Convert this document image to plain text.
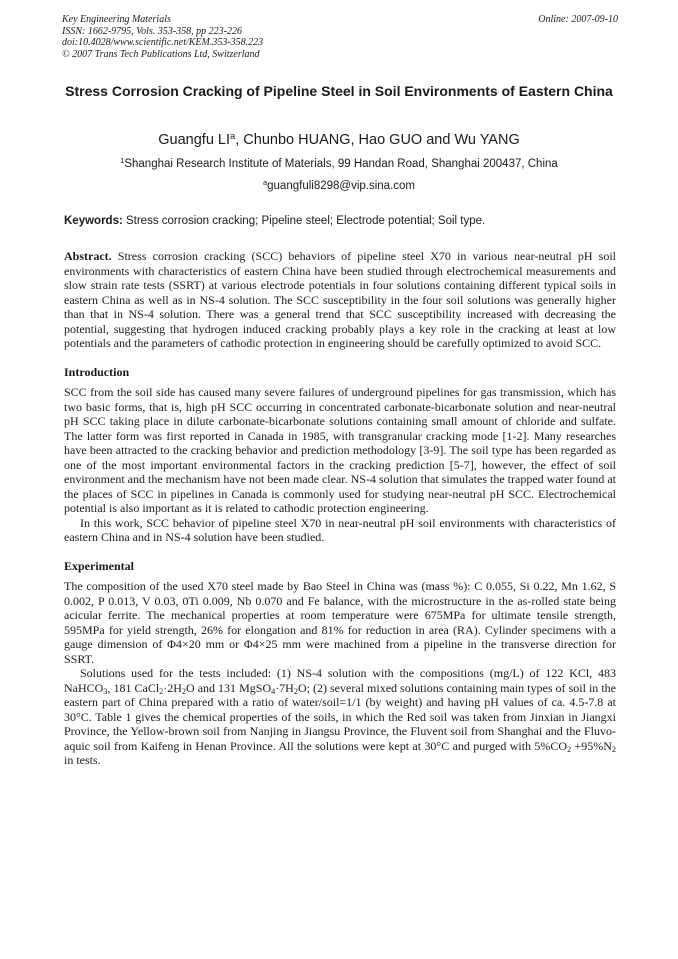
Key Engineering Materials
ISSN: 1662-9795, Vols. 353-358, pp 223-226
doi:10.4028/www.scientific.net/KEM.353-358.223
© 2007 Trans Tech Publications Ltd, Switzerland
Online: 2007-09-10
Stress Corrosion Cracking of Pipeline Steel in Soil Environments of Eastern China
Guangfu $LI^a$, Chunbo HUANG, Hao GUO and Wu YANG
$^1$Shanghai Research Institute of Materials, 99 Handan Road, Shanghai 200437, China
$^a$guangfuli8298@vip.sina.com
Keywords: Stress corrosion cracking; Pipeline steel; Electrode potential; Soil type.

Abstract. Stress corrosion cracking (SCC) behaviors of pipeline steel X70 in various near-neutral pH soil environments with characteristics of eastern China have been studied through electrochemical measurements and slow strain rate tests (SSRT) at various electrode potentials in four solutions containing different typical soils in eastern China as well as in NS-4 solution. The SCC susceptibility in the four soil solutions was generally higher than that in NS-4 solution. There was a general trend that SCC susceptibility increased with decreasing the potential, suggesting that hydrogen induced cracking probably plays a key role in the cracking at least at low potentials and the parameters of cathodic protection in engineering should be carefully optimized to avoid SCC.

Introduction

SCC from the soil side has caused many severe failures of underground pipelines for gas transmission, which has two basic forms, that is, high pH SCC occurring in concentrated carbonate-bicarbonate solution and near-neutral pH SCC taking place in dilute carbonate-bicarbonate solutions containing small amount of chloride and sulfate. The latter form was first reported in Canada in 1985, with transgranular cracking mode [1-2]. Many researches have been attracted to the cracking behavior and prediction methodology [3-9]. The soil type has been regarded as one of the most important environmental factors in the cracking prediction [5-7], however, the effect of soil environment and the mechanism have not been made clear. NS-4 solution that simulates the trapped water found at the places of SCC in pipelines in Canada is commonly used for studying near-neutral pH SCC. Electrochemical potential is also important as it is related to cathodic protection engineering.

In this work, SCC behavior of pipeline steel X70 in near-neutral pH soil environments with characteristics of eastern China and in NS-4 solution have been studied.

Experimental

The composition of the used X70 steel made by Bao Steel in China was (mass %): C 0.055, Si 0.22, Mn 1.62, S 0.002, P 0.013, V 0.03, 0Ti 0.009, Nb 0.070 and Fe balance, with the microstructure in the as-rolled state being acicular ferrite. The mechanical properties at room temperature were 675MPa for ultimate tensile strength, 595MPa for yield strength, 26% for elongation and 81% for reduction in area (RA). Cylinder specimens with a gauge dimension of Φ4×20 mm or Φ4×25 mm were machined from a pipeline in the transverse direction for SSRT.

Solutions used for the tests included: (1) NS-4 solution with the compositions (mg/L) of 122 KCl, 483 NaHCO$_3$, 181 $CaCl_2\cdot 2H_2O$ and 131 $MgSO_4\cdot 7H_2O$; (2) several mixed solutions containing main types of soil in the eastern part of China prepared with a ratio of water/soil=1/1 (by weight) and having pH values of ca. 4.5-7.8 at 30°C. Table 1 gives the chemical properties of the soils, in which the Red soil was taken from Jinxian in Jiangxi Province, the Yellow-brown soil from Nanjing in Jiangsu Province, the Fluvent soil from Shanghai and the Fluvo-aquic soil from Kaifeng in Henan Province. All the solutions were kept at 30°C and purged with $5\%CO_2 +95\%N_2$ in tests.
